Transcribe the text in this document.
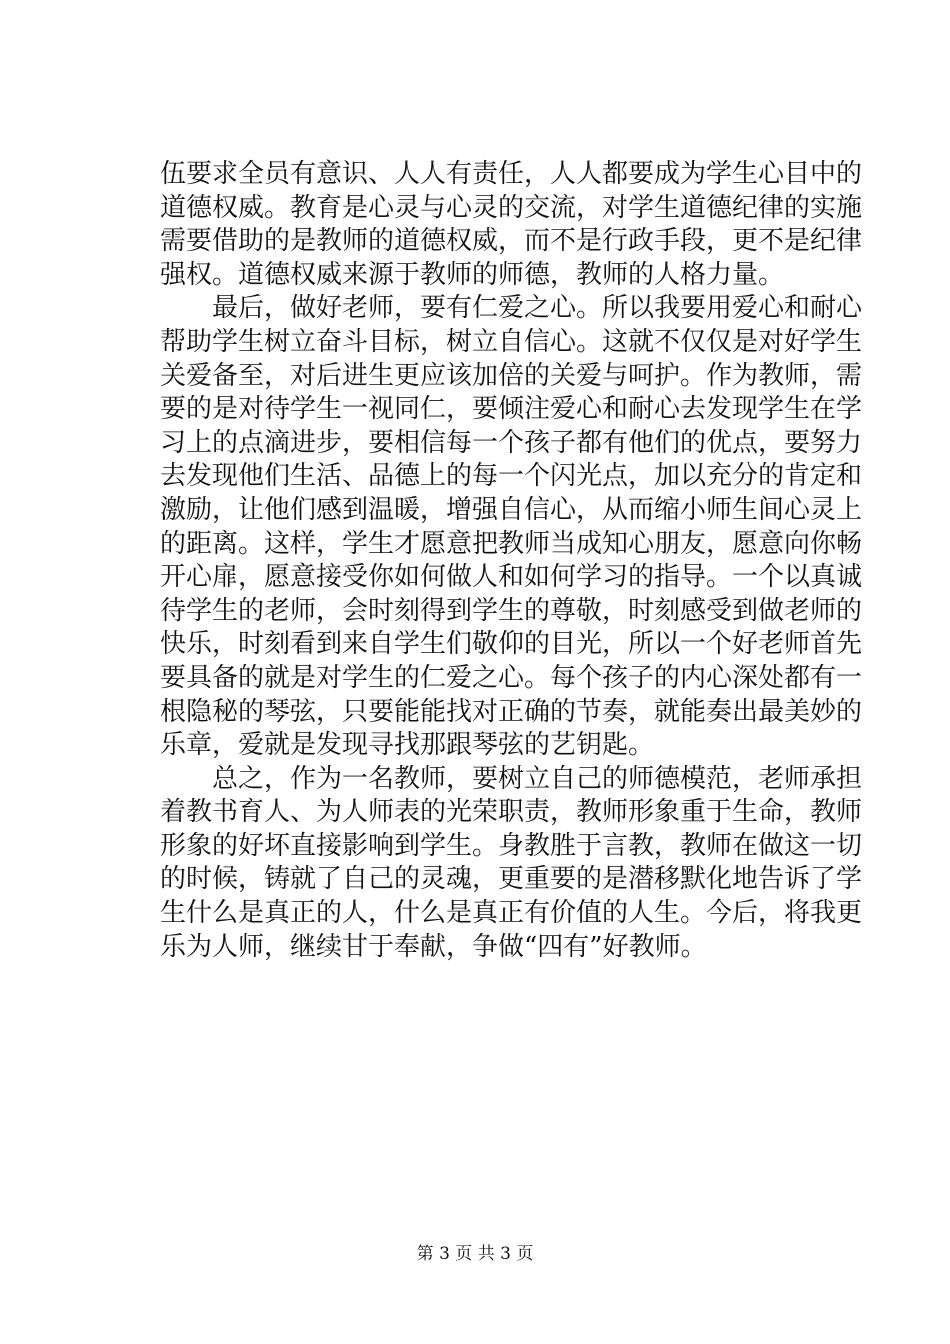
伍要求全员有意识、人人有责任，人人都要成为学生心目中的
道德权威。教育是心灵与心灵的交流，对学生道德纪律的实施
需要借助的是教师的道德权威，而不是行政手段，更不是纪律
强权。道德权威来源于教师的师德，教师的人格力量。
　　最后，做好老师，要有仁爱之心。所以我要用爱心和耐心
帮助学生树立奋斗目标，树立自信心。这就不仅仅是对好学生
关爱备至，对后进生更应该加倍的关爱与呵护。作为教师，需
要的是对待学生一视同仁，要倾注爱心和耐心去发现学生在学
习上的点滴进步，要相信每一个孩子都有他们的优点，要努力
去发现他们生活、品德上的每一个闪光点，加以充分的肯定和
激励，让他们感到温暖，增强自信心，从而缩小师生间心灵上
的距离。这样，学生才愿意把教师当成知心朋友，愿意向你畅
开心扉，愿意接受你如何做人和如何学习的指导。一个以真诚
待学生的老师，会时刻得到学生的尊敬，时刻感受到做老师的
快乐，时刻看到来自学生们敬仰的目光，所以一个好老师首先
要具备的就是对学生的仁爱之心。每个孩子的内心深处都有一
根隐秘的琴弦，只要能能找对正确的节奏，就能奏出最美妙的
乐章，爱就是发现寻找那跟琴弦的艺钥匙。
　　总之，作为一名教师，要树立自己的师德模范，老师承担
着教书育人、为人师表的光荣职责，教师形象重于生命，教师
形象的好坏直接影响到学生。身教胜于言教，教师在做这一切
的时候，铸就了自己的灵魂，更重要的是潜移默化地告诉了学
生什么是真正的人，什么是真正有价值的人生。今后，将我更
乐为人师，继续甘于奉献，争做“四有”好教师。
第 3 页 共 3 页
